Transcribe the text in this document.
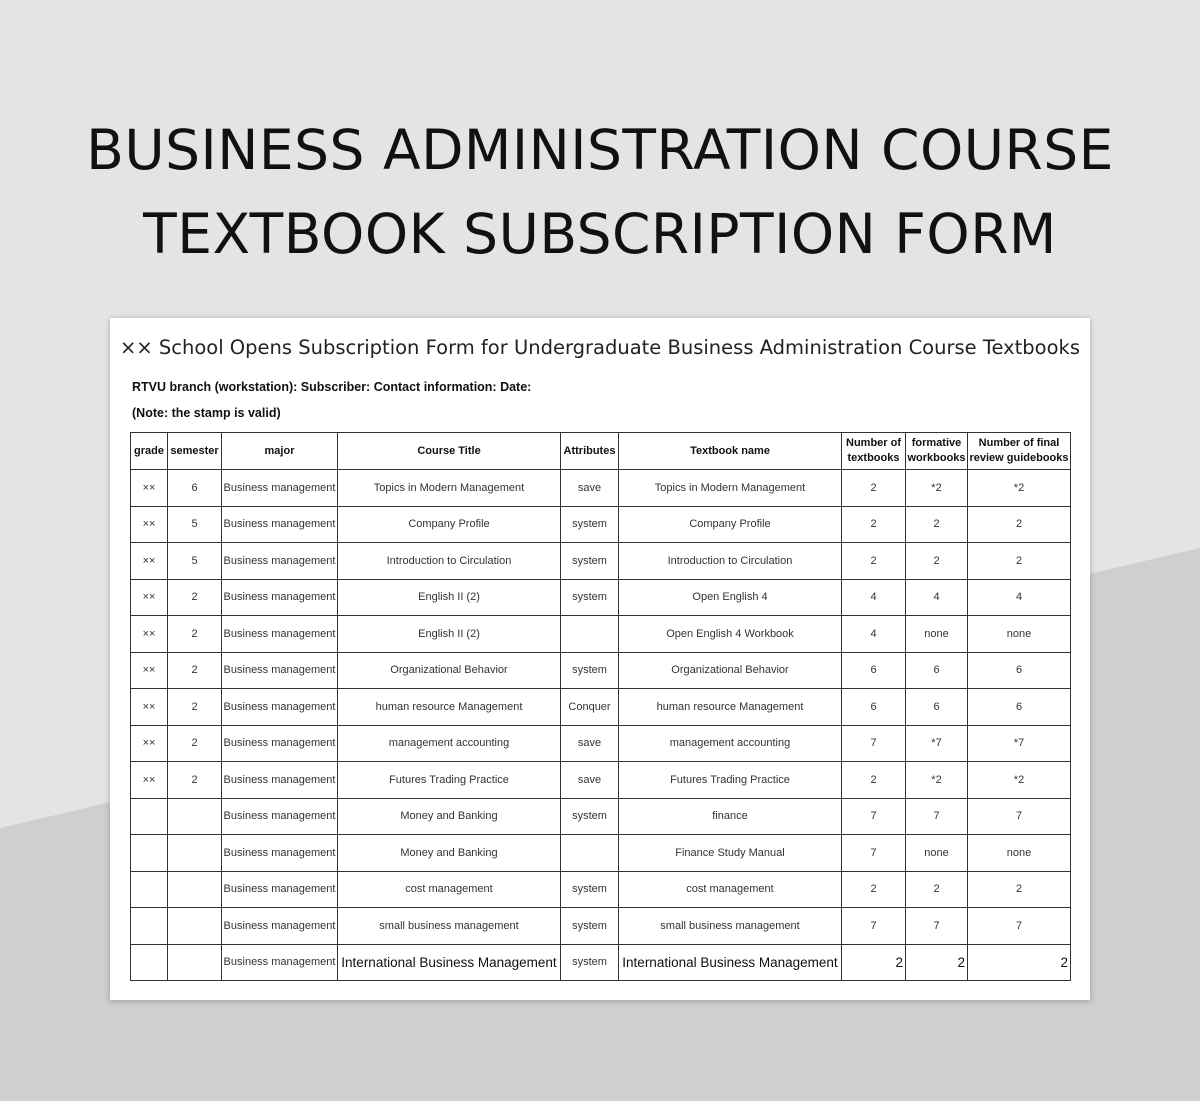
BUSINESS ADMINISTRATION COURSE
TEXTBOOK SUBSCRIPTION FORM
×× School Opens Subscription Form for Undergraduate Business Administration Course Textbooks
RTVU branch (workstation): Subscriber: Contact information: Date:
(Note: the stamp is valid)
grade	semester	major	Course Title	Attributes	Textbook name	Number of textbooks	formative workbooks	Number of final review guidebooks
××	6	Business management	Topics in Modern Management	save	Topics in Modern Management	2	*2	*2
××	5	Business management	Company Profile	system	Company Profile	2	2	2
××	5	Business management	Introduction to Circulation	system	Introduction to Circulation	2	2	2
××	2	Business management	English II (2)	system	Open English 4	4	4	4
××	2	Business management	English II (2)		Open English 4 Workbook	4	none	none
××	2	Business management	Organizational Behavior	system	Organizational Behavior	6	6	6
××	2	Business management	human resource Management	Conquer	human resource Management	6	6	6
××	2	Business management	management accounting	save	management accounting	7	*7	*7
××	2	Business management	Futures Trading Practice	save	Futures Trading Practice	2	*2	*2
		Business management	Money and Banking	system	finance	7	7	7
		Business management	Money and Banking		Finance Study Manual	7	none	none
		Business management	cost management	system	cost management	2	2	2
		Business management	small business management	system	small business management	7	7	7
		Business management	International Business Management	system	International Business Management	2	2	2
